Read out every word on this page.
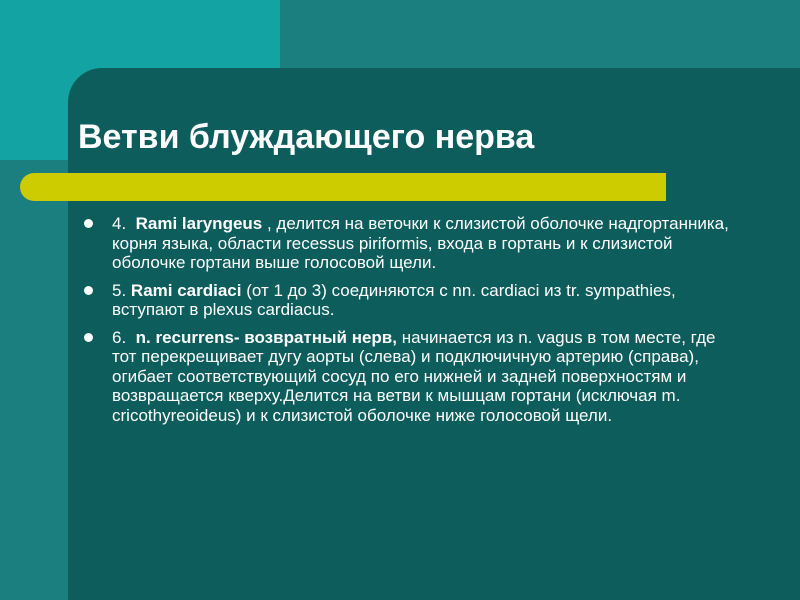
Ветви блуждающего нерва
4. Rami laryngeus , делится на веточки к слизистой оболочке надгортанника, корня языка, области recessus piriformis, входа в гортань и к слизистой оболочке гортани выше голосовой щели.
5. Rami cardiaci (от 1 до 3) соединяются с nn. cardiaci из tr. sympathies, вступают в plexus cardiacus.
6. n. recurrens- возвратный нерв, начинается из n. vagus в том месте, где тот перекрещивает дугу аорты (слева) и подключичную артерию (справа), огибает соответствующий сосуд по его нижней и задней поверхностям и возвращается кверху.Делится на ветви к мышцам гортани (исключая m. cricothyreoideus) и к слизистой оболочке ниже голосовой щели.
